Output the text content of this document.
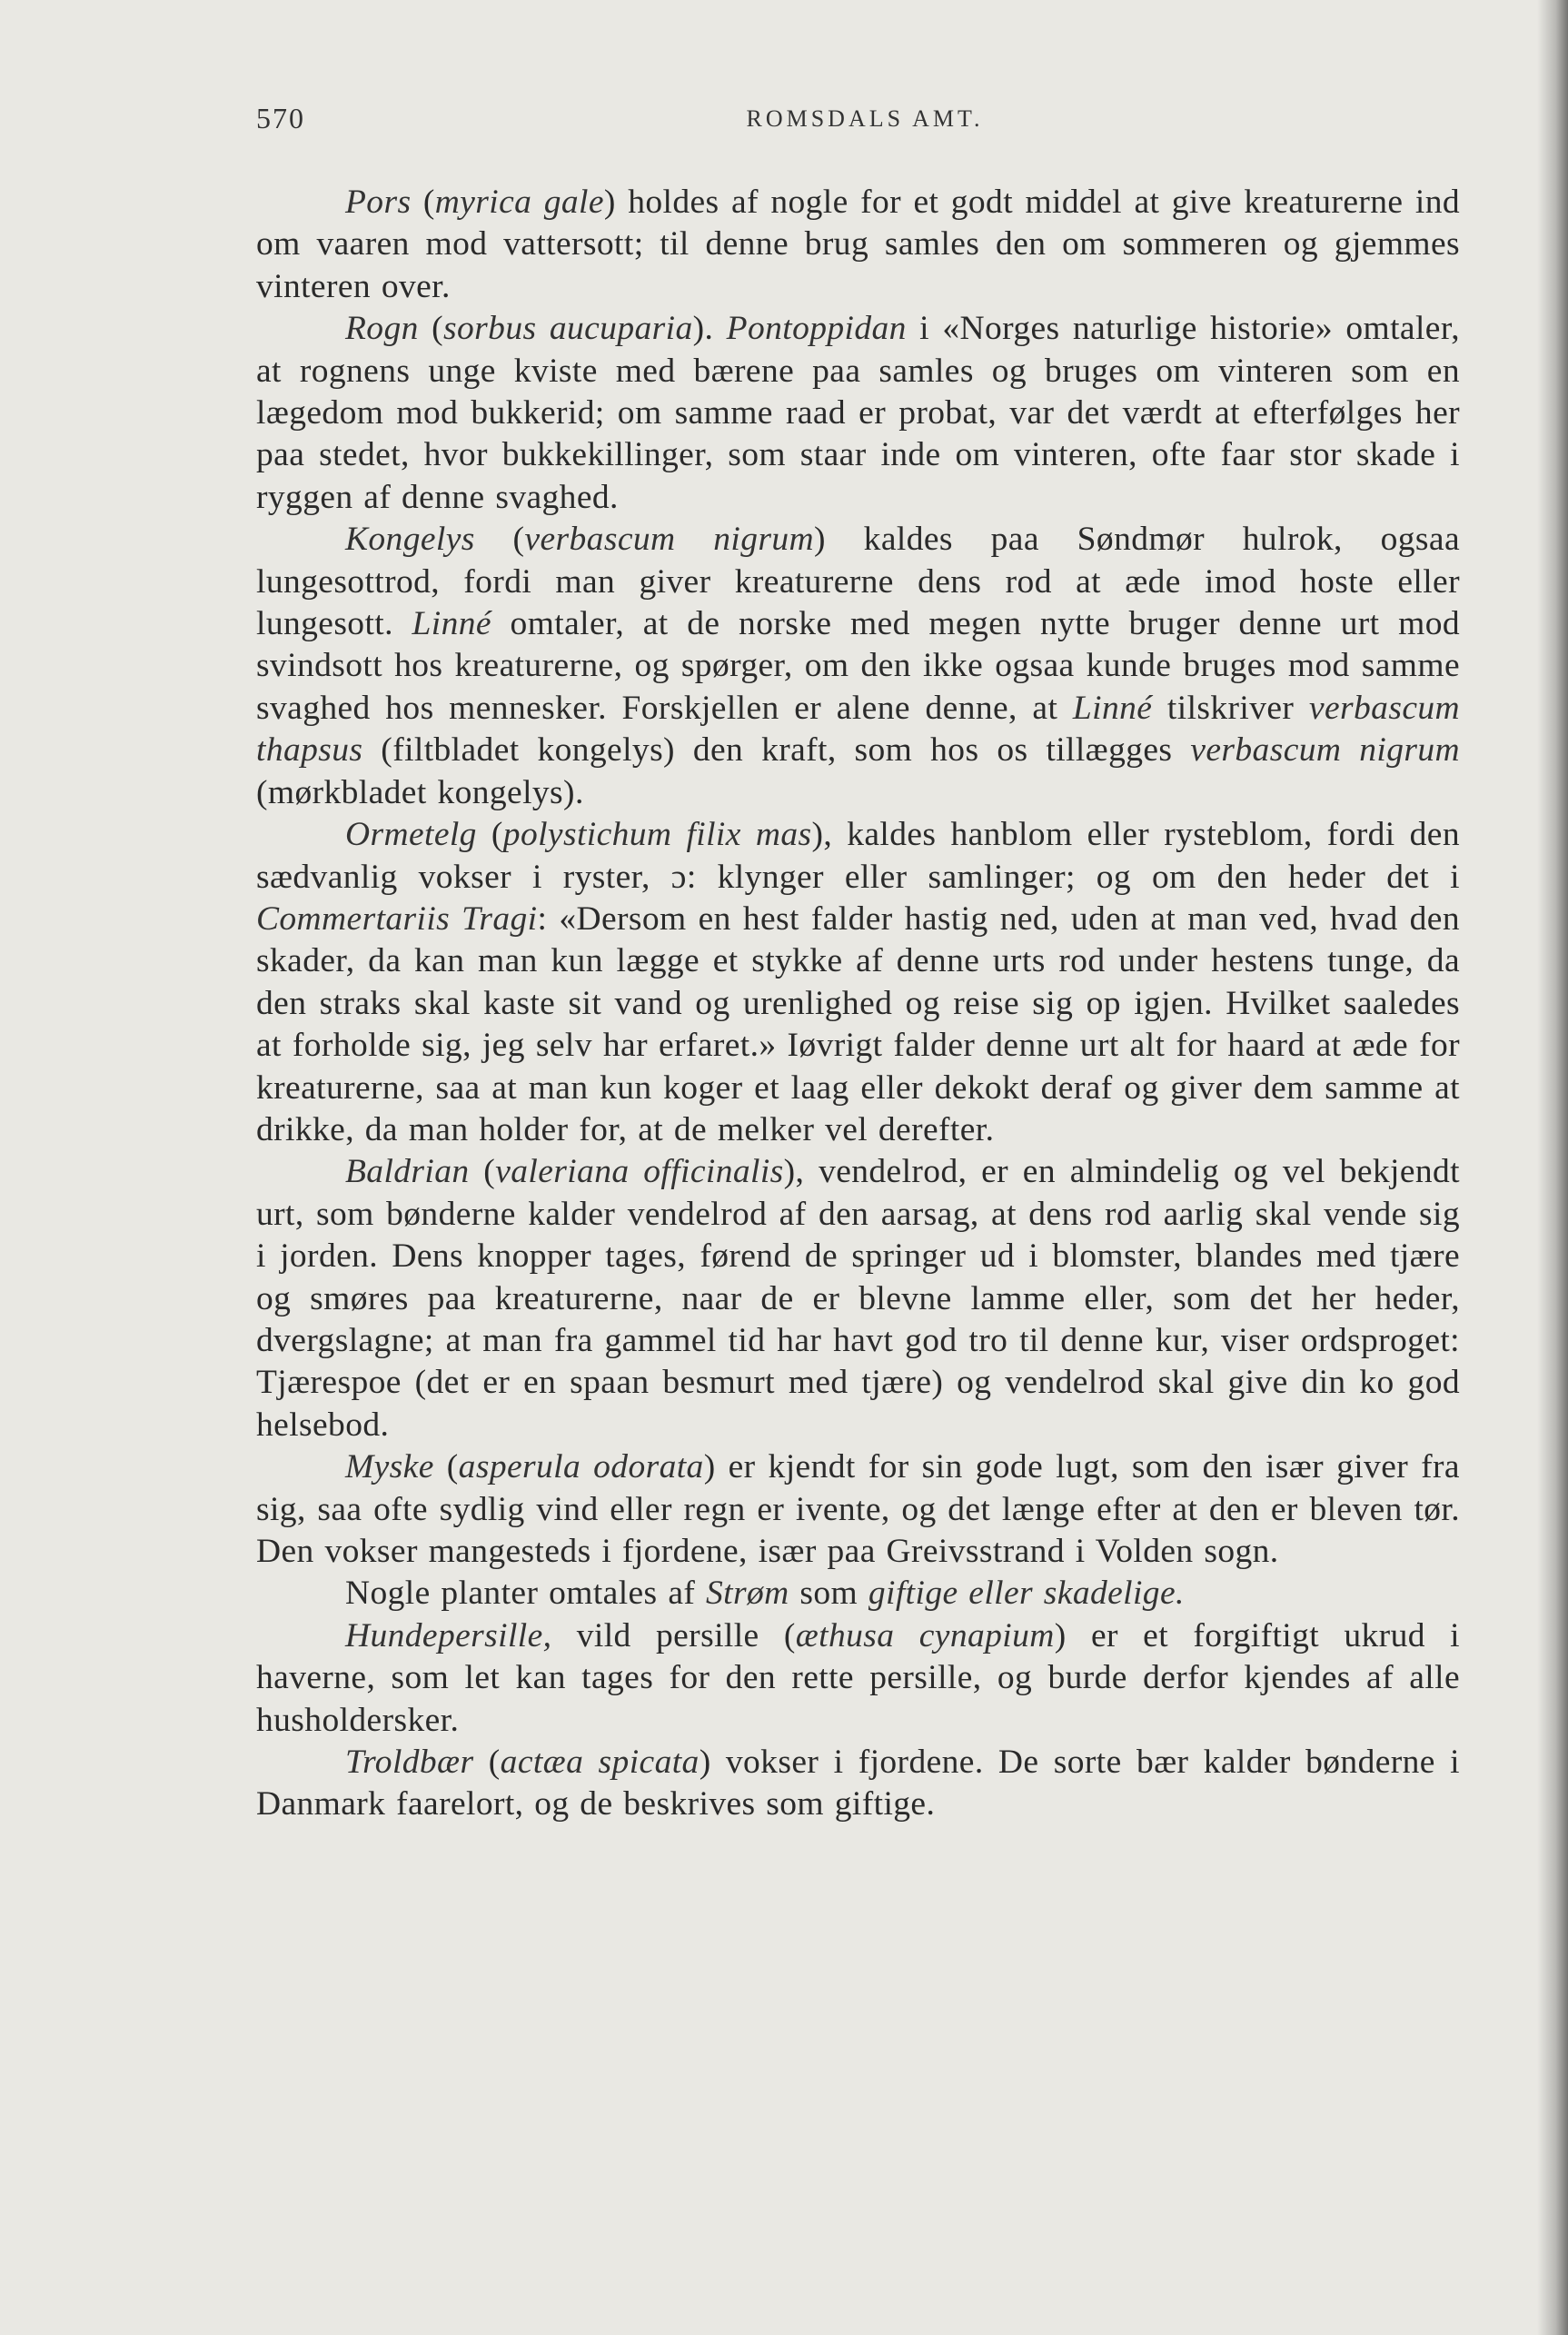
570	ROMSDALS AMT.

Pors (myrica gale) holdes af nogle for et godt middel at give kreaturerne ind om vaaren mod vattersott; til denne brug samles den om sommeren og gjemmes vinteren over.

Rogn (sorbus aucuparia). Pontoppidan i «Norges naturlige historie» omtaler, at rognens unge kviste med bærene paa samles og bruges om vinteren som en lægedom mod bukkerid; om samme raad er probat, var det værdt at efterfølges her paa stedet, hvor bukkekillinger, som staar inde om vinteren, ofte faar stor skade i ryggen af denne svaghed.

Kongelys (verbascum nigrum) kaldes paa Søndmør hulrok, ogsaa lungesottrod, fordi man giver kreaturerne dens rod at æde imod hoste eller lungesott. Linné omtaler, at de norske med megen nytte bruger denne urt mod svindsott hos kreaturerne, og spørger, om den ikke ogsaa kunde bruges mod samme svaghed hos mennesker. Forskjellen er alene denne, at Linné tilskriver verbascum thapsus (filtbladet kongelys) den kraft, som hos os tillægges verbascum nigrum (mørkbladet kongelys).

Ormetelg (polystichum filix mas), kaldes hanblom eller rysteblom, fordi den sædvanlig vokser i ryster, ɔ: klynger eller samlinger; og om den heder det i Commertariis Tragi: «Dersom en hest falder hastig ned, uden at man ved, hvad den skader, da kan man kun lægge et stykke af denne urts rod under hestens tunge, da den straks skal kaste sit vand og urenlighed og reise sig op igjen. Hvilket saaledes at forholde sig, jeg selv har erfaret.» Iøvrigt falder denne urt alt for haard at æde for kreaturerne, saa at man kun koger et laag eller dekokt deraf og giver dem samme at drikke, da man holder for, at de melker vel derefter.

Baldrian (valeriana officinalis), vendelrod, er en almindelig og vel bekjendt urt, som bønderne kalder vendelrod af den aarsag, at dens rod aarlig skal vende sig i jorden. Dens knopper tages, førend de springer ud i blomster, blandes med tjære og smøres paa kreaturerne, naar de er blevne lamme eller, som det her heder, dvergslagne; at man fra gammel tid har havt god tro til denne kur, viser ordsproget: Tjærespoe (det er en spaan besmurt med tjære) og vendelrod skal give din ko god helsebod.

Myske (asperula odorata) er kjendt for sin gode lugt, som den især giver fra sig, saa ofte sydlig vind eller regn er ivente, og det længe efter at den er bleven tør. Den vokser mangesteds i fjordene, især paa Greivsstrand i Volden sogn.

Nogle planter omtales af Strøm som giftige eller skadelige.

Hundepersille, vild persille (æthusa cynapium) er et forgiftigt ukrud i haverne, som let kan tages for den rette persille, og burde derfor kjendes af alle husholdersker.

Troldbær (actæa spicata) vokser i fjordene. De sorte bær kalder bønderne i Danmark faarelort, og de beskrives som giftige.
